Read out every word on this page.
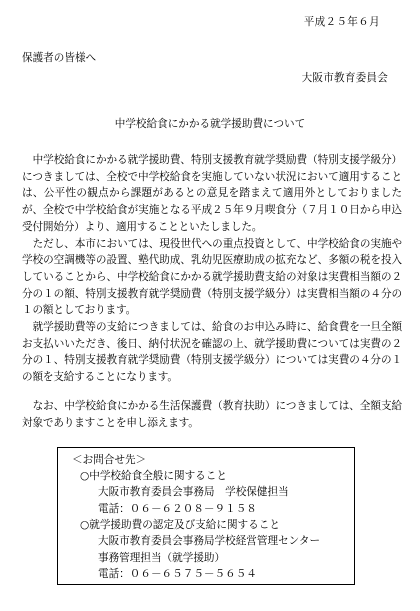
平成２５年６月
保護者の皆様へ
大阪市教育委員会
中学校給食にかかる就学援助費について

中学校給食にかかる就学援助費、特別支援教育就学奨励費（特別支援学級分）につきましては、全校で中学校給食を実施していない状況において適用することは、公平性の観点から課題があるとの意見を踏まえて適用外としておりましたが、全校で中学校給食が実施となる平成２５年９月喫食分（７月１０日から申込受付開始分）より、適用することといたしました。

ただし、本市においては、現役世代への重点投資として、中学校給食の実施や学校の空調機等の設置、塾代助成、乳幼児医療助成の拡充など、多額の税を投入していることから、中学校給食にかかる就学援助費支給の対象は実費相当額の２分の１の額、特別支援教育就学奨励費（特別支援学級分）は実費相当額の４分の１の額としております。

就学援助費等の支給につきましては、給食のお申込み時に、給食費を一旦全額お支払いいただき、後日、納付状況を確認の上、就学援助費については実費の２分の１、特別支援教育就学奨励費（特別支援学級分）については実費の４分の１の額を支給することになります。

なお、中学校給食にかかる生活保護費（教育扶助）につきましては、全額支給対象でありますことを申し添えます。

＜お問合せ先＞
○中学校給食全般に関すること
大阪市教育委員会事務局　学校保健担当
電話：０６－６２０８－９１５８
○就学援助費の認定及び支給に関すること
大阪市教育委員会事務局学校経営管理センター
事務管理担当（就学援助）
電話：０６－６５７５－５６５４
